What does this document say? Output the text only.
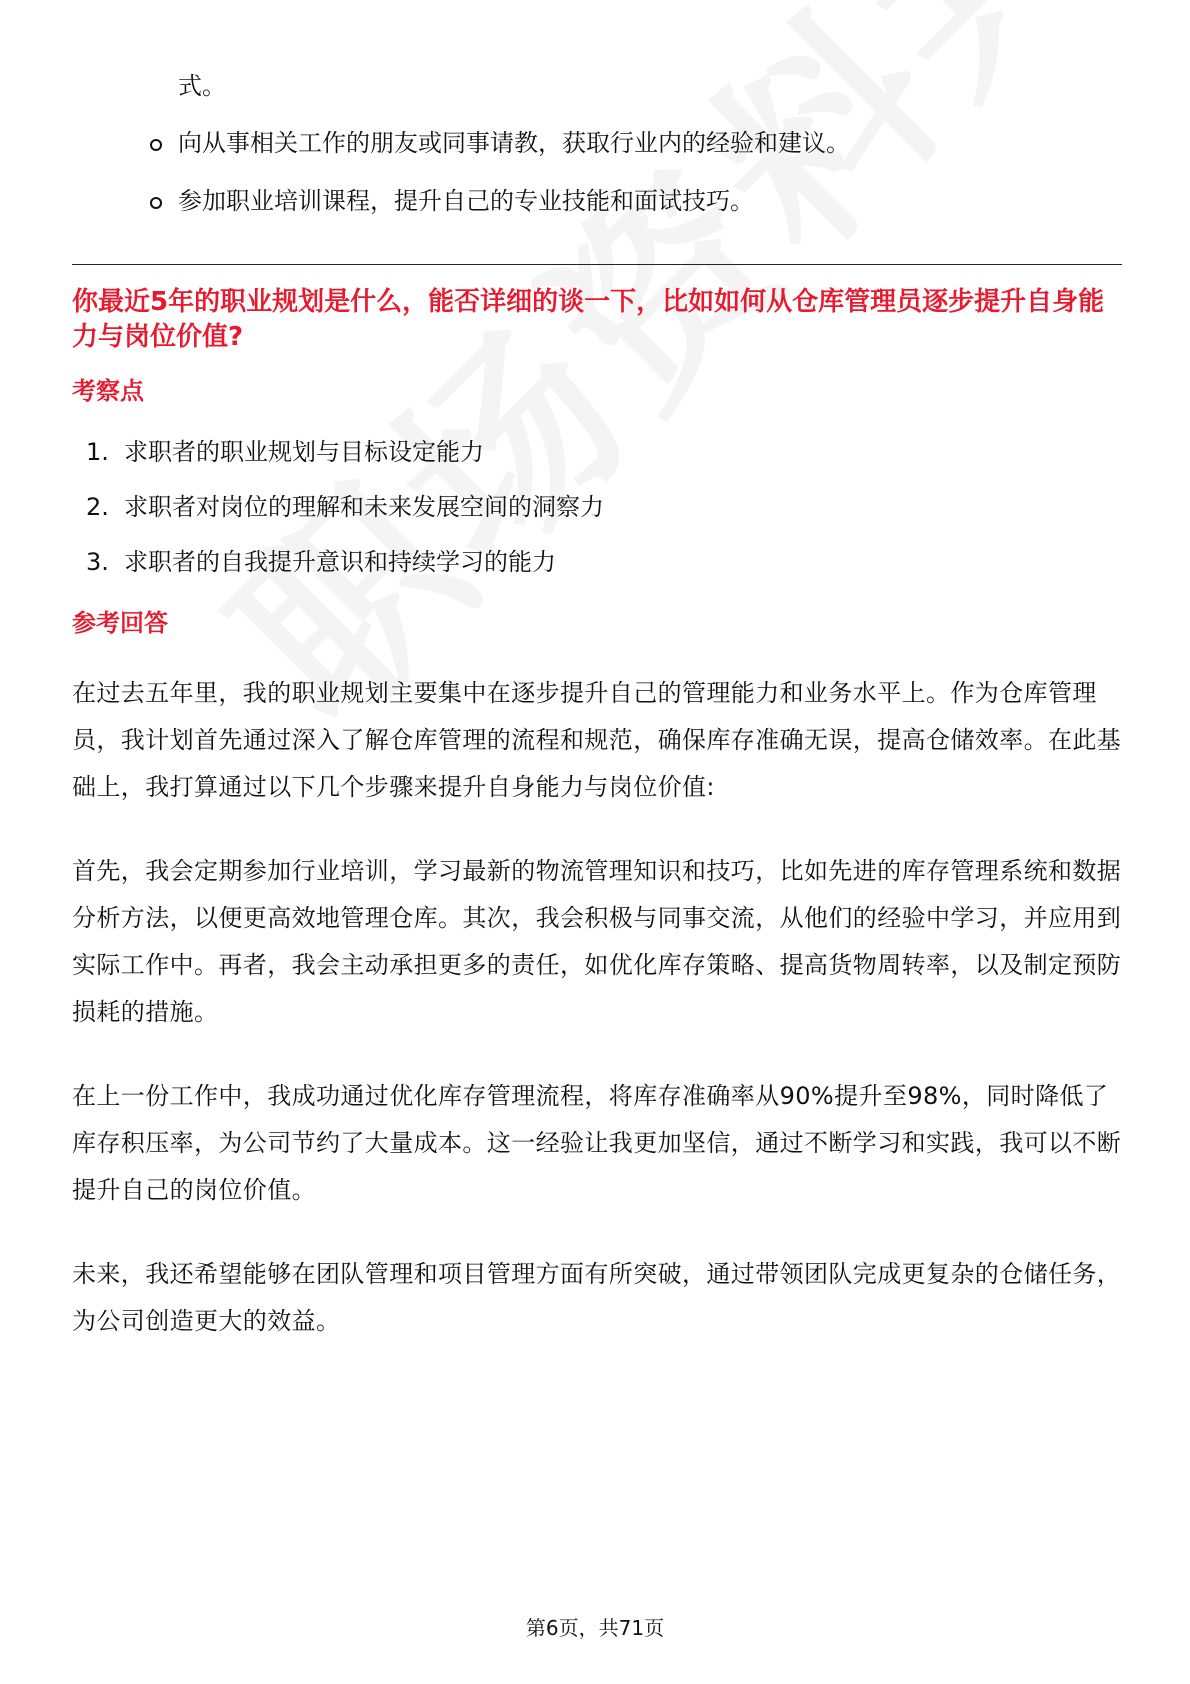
式。
向从事相关工作的朋友或同事请教，获取行业内的经验和建议。
参加职业培训课程，提升自己的专业技能和面试技巧。
你最近5年的职业规划是什么，能否详细的谈一下，比如如何从仓库管理员逐步提升自身能力与岗位价值?
考察点
1. 求职者的职业规划与目标设定能力
2. 求职者对岗位的理解和未来发展空间的洞察力
3. 求职者的自我提升意识和持续学习的能力
参考回答

在过去五年里，我的职业规划主要集中在逐步提升自己的管理能力和业务水平上。作为仓库管理员，我计划首先通过深入了解仓库管理的流程和规范，确保库存准确无误，提高仓储效率。在此基础上，我打算通过以下几个步骤来提升自身能力与岗位价值:

首先，我会定期参加行业培训，学习最新的物流管理知识和技巧，比如先进的库存管理系统和数据分析方法，以便更高效地管理仓库。其次，我会积极与同事交流，从他们的经验中学习，并应用到实际工作中。再者，我会主动承担更多的责任，如优化库存策略、提高货物周转率，以及制定预防损耗的措施。

在上一份工作中，我成功通过优化库存管理流程，将库存准确率从90%提升至98%，同时降低了库存积压率，为公司节约了大量成本。这一经验让我更加坚信，通过不断学习和实践，我可以不断提升自己的岗位价值。

未来，我还希望能够在团队管理和项目管理方面有所突破，通过带领团队完成更复杂的仓储任务，为公司创造更大的效益。

第6页，共71页
